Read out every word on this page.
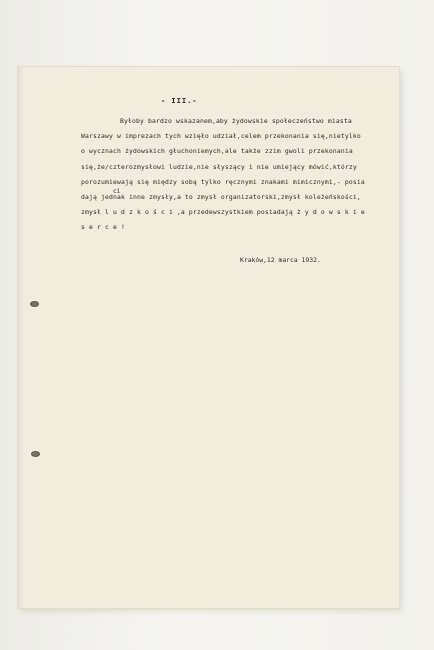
- III.-
Byłoby bardzo wskazanem,aby żydowskie społeczeństwo miasta
Warszawy w imprezach tych wzięło udział,celem przekonania się,nietylko
o wycznach żydowskich głuchoniemych,ale także zzim gwoli przekonania
ci
się,że/czterozmysłowi ludzie,nie słyszący i nie umiejący mówić,którzy
porozumiewają się między sobą tylko ręcznymi znakami mimicznymi,- posia
dają jednak inne zmysły,a to zmysł organizatorski,zmysł koleżeńskości,
zmysł l u d z k o ś c i ,a przedewszystkiem posiadają ż y d o w s k i e
s e r c e !
Kraków,12 marca 1932.
